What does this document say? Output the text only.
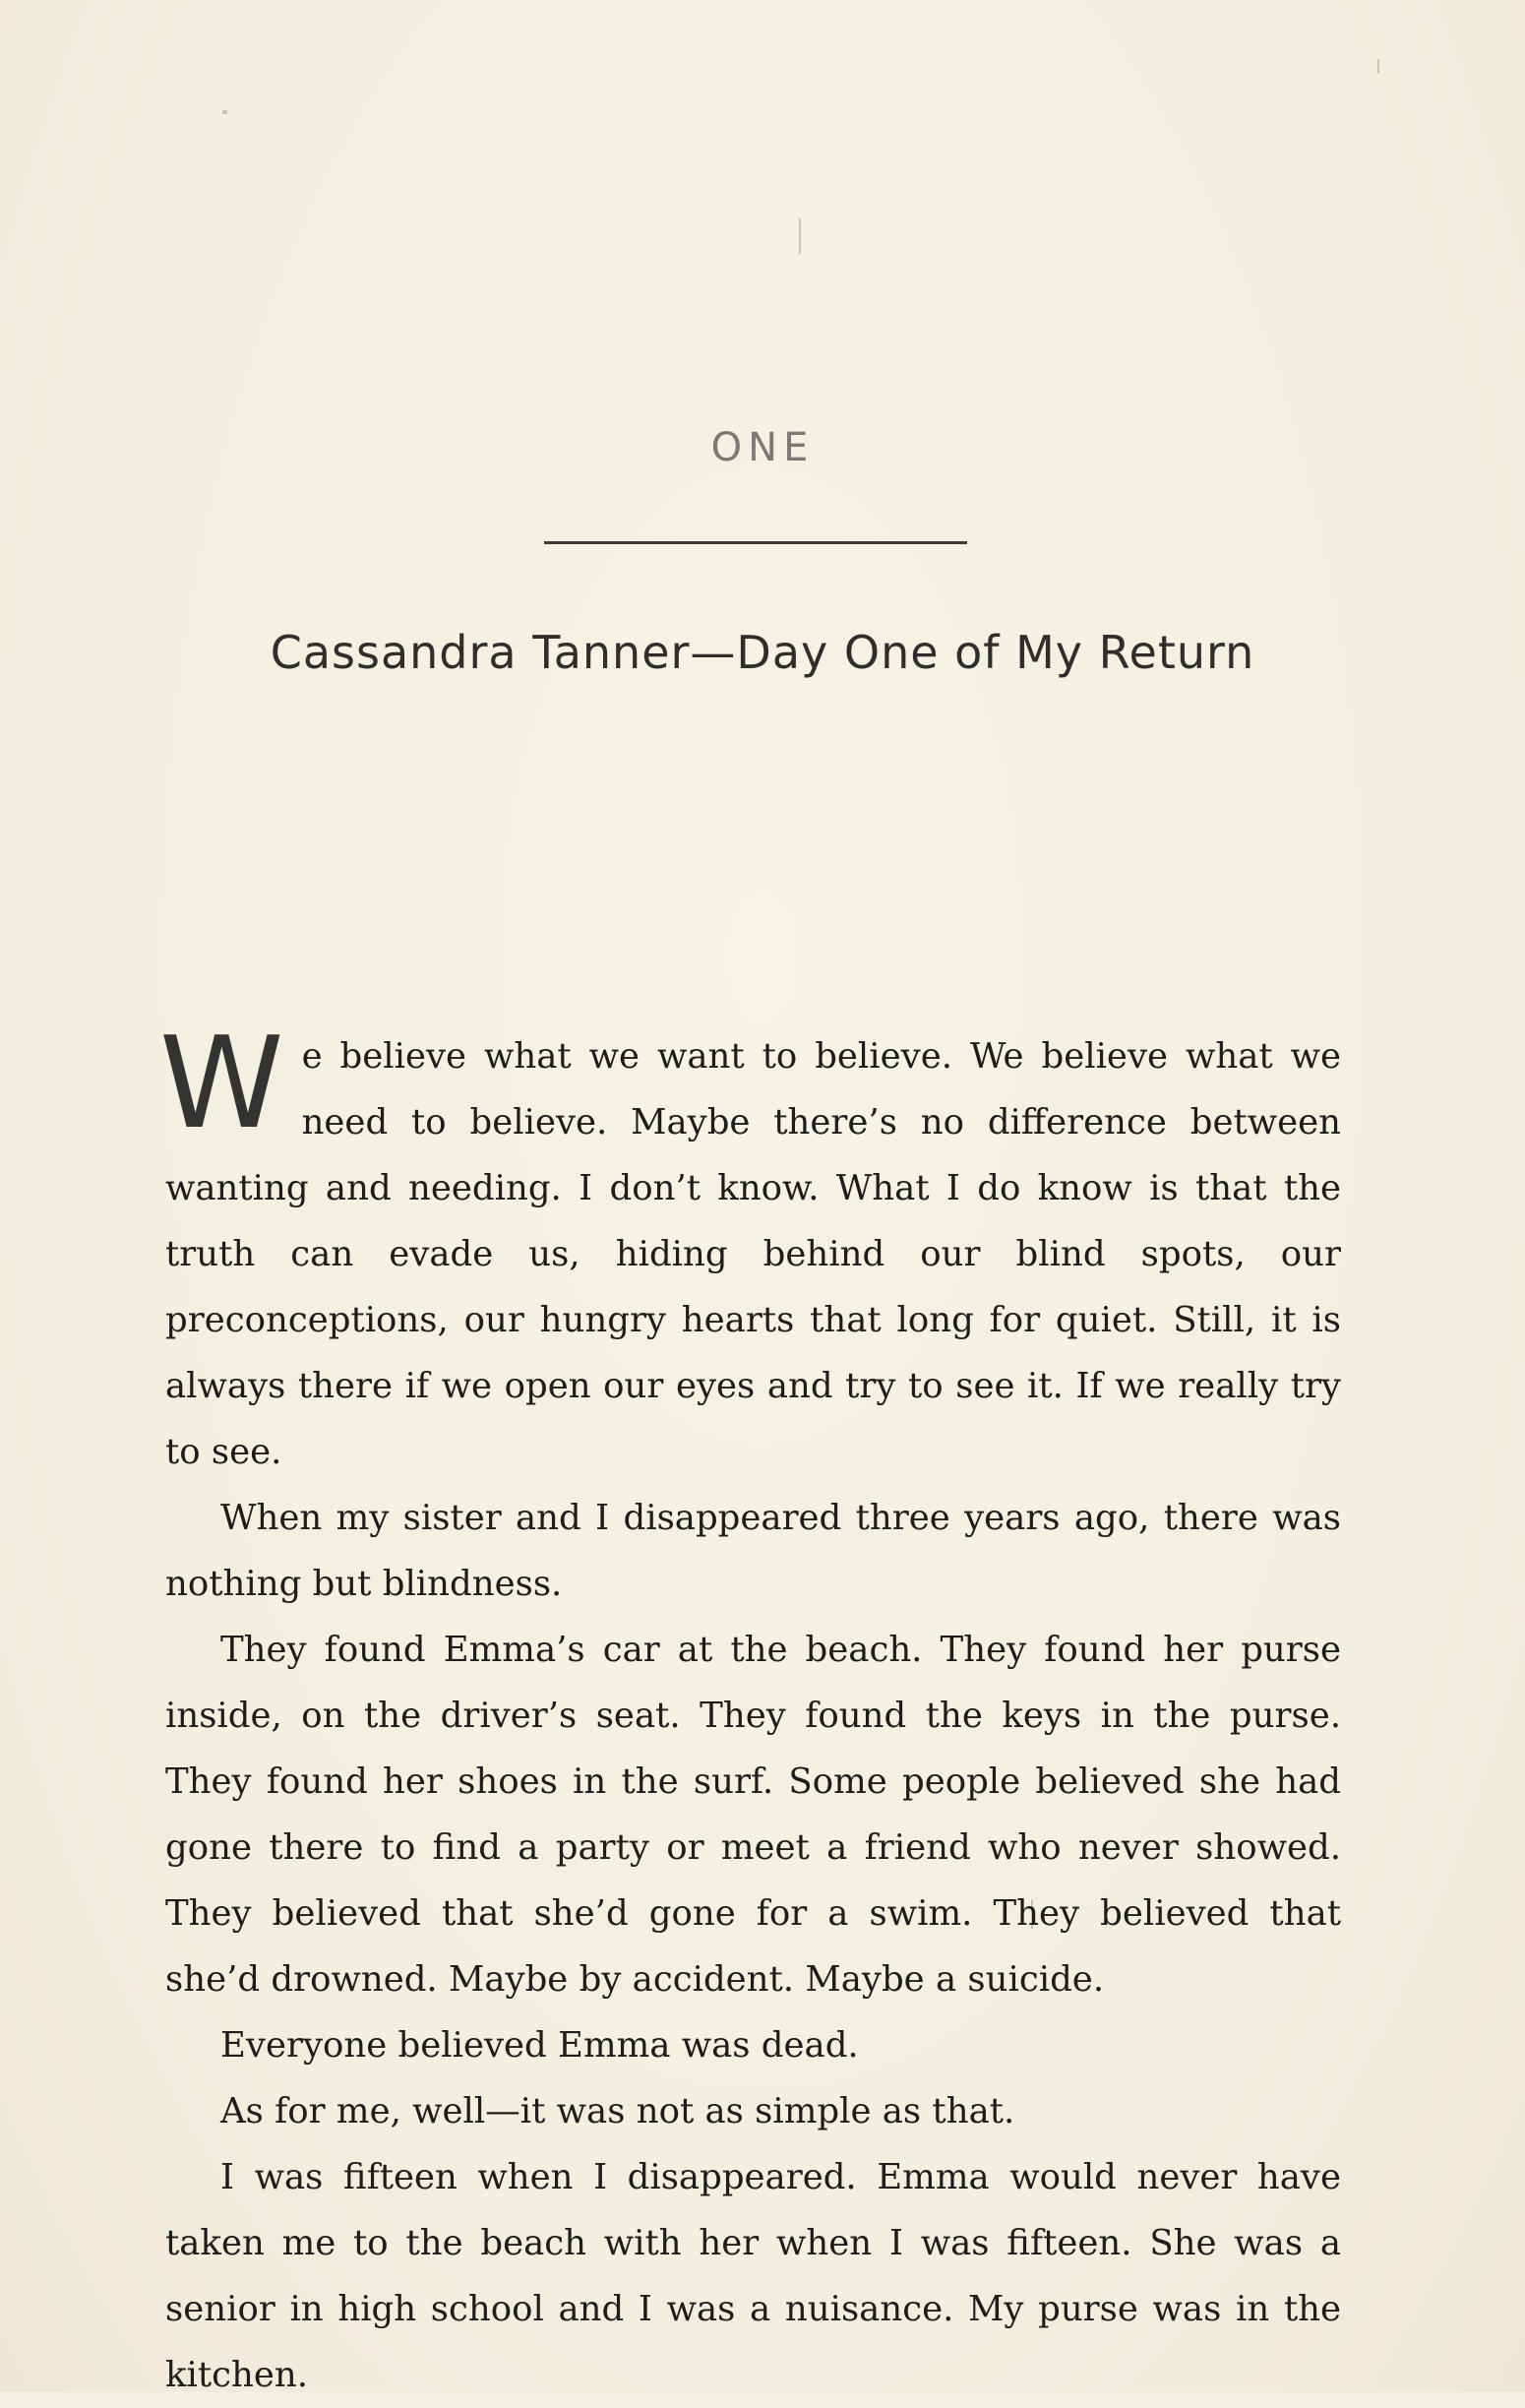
ONE
Cassandra Tanner—Day One of My Return

We believe what we want to believe. We believe what we need to believe. Maybe there’s no difference between wanting and needing. I don’t know. What I do know is that the truth can evade us, hiding behind our blind spots, our preconceptions, our hungry hearts that long for quiet. Still, it is always there if we open our eyes and try to see it. If we really try to see.

When my sister and I disappeared three years ago, there was nothing but blindness.

They found Emma’s car at the beach. They found her purse inside, on the driver’s seat. They found the keys in the purse. They found her shoes in the surf. Some people believed she had gone there to find a party or meet a friend who never showed. They believed that she’d gone for a swim. They believed that she’d drowned. Maybe by accident. Maybe a suicide.

Everyone believed Emma was dead.

As for me, well—it was not as simple as that.

I was fifteen when I disappeared. Emma would never have taken me to the beach with her when I was fifteen. She was a senior in high school and I was a nuisance. My purse was in the kitchen.
